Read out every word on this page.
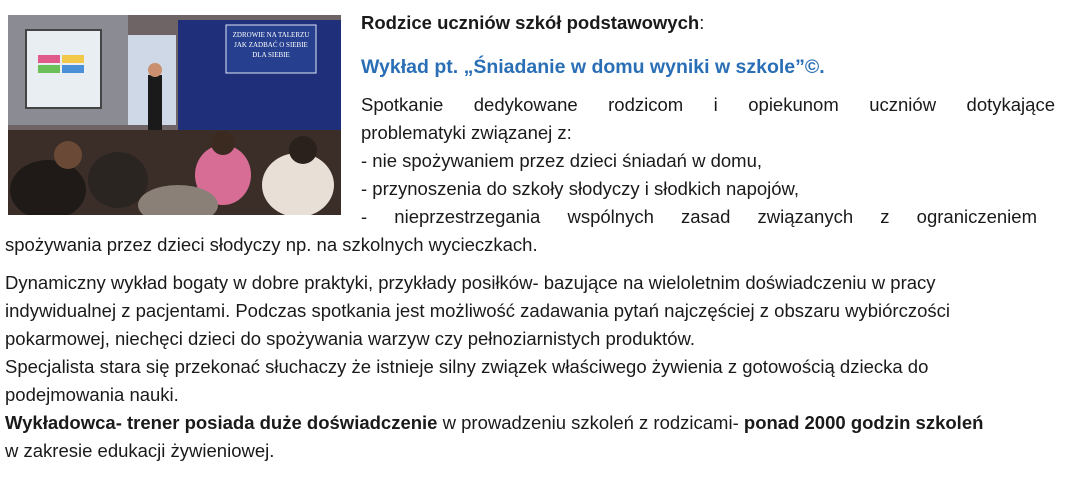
ZDROWIE NA TALERZU
JAK ZADBAĆ O SIEBIE
DLA SIEBIE
Rodzice uczniów szkół podstawowych:
Wykład pt. „Śniadanie w domu wyniki w szkole”©.
Spotkanie dedykowane rodzicom i opiekunom uczniów dotykające
problematyki związanej z:
- nie spożywaniem przez dzieci śniadań w domu,
- przynoszenia do szkoły słodyczy i słodkich napojów,
- nieprzestrzegania wspólnych zasad związanych z ograniczeniem
spożywania przez dzieci słodyczy np. na szkolnych wycieczkach.
Dynamiczny wykład bogaty w dobre praktyki, przykłady posiłków- bazujące na wieloletnim doświadczeniu w pracy
indywidualnej z pacjentami. Podczas spotkania jest możliwość zadawania pytań najczęściej z obszaru wybiórczości
pokarmowej, niechęci dzieci do spożywania warzyw czy pełnoziarnistych produktów.
Specjalista stara się przekonać słuchaczy że istnieje silny związek właściwego żywienia z gotowością dziecka do
podejmowania nauki.
Wykładowca- trener posiada duże doświadczenie w prowadzeniu szkoleń z rodzicami- ponad 2000 godzin szkoleń
w zakresie edukacji żywieniowej.
